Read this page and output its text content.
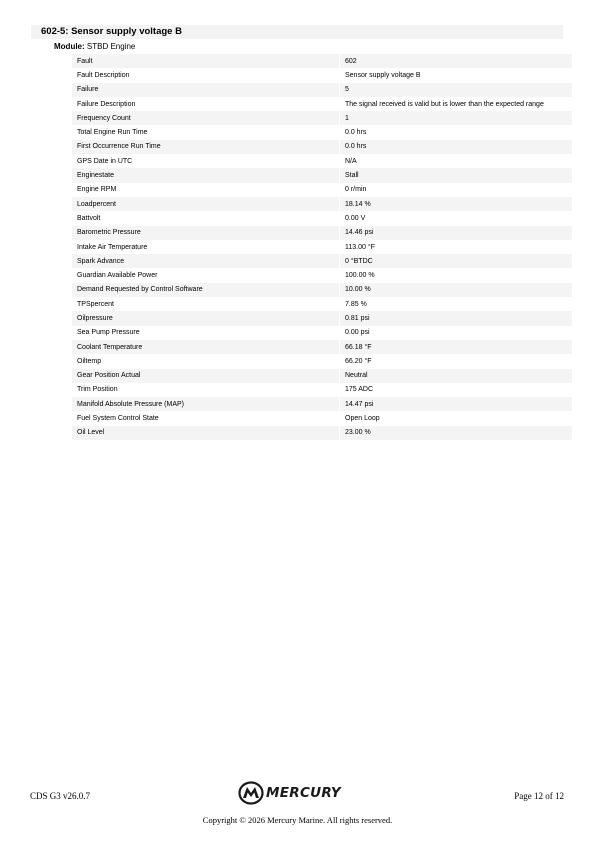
602-5: Sensor supply voltage B
Module: STBD Engine
Fault	602
Fault Description	Sensor supply voltage B
Failure	5
Failure Description	The signal received is valid but is lower than the expected range
Frequency Count	1
Total Engine Run Time	0.0 hrs
First Occurrence Run Time	0.0 hrs
GPS Date in UTC	N/A
Enginestate	Stall
Engine RPM	0 r/min
Loadpercent	18.14 %
Battvolt	0.00 V
Barometric Pressure	14.46 psi
Intake Air Temperature	113.00 °F
Spark Advance	0 °BTDC
Guardian Available Power	100.00 %
Demand Requested by Control Software	10.00 %
TPSpercent	7.85 %
Oilpressure	0.81 psi
Sea Pump Pressure	0.00 psi
Coolant Temperature	66.18 °F
Oiltemp	66.20 °F
Gear Position Actual	Neutral
Trim Position	175 ADC
Manifold Absolute Pressure (MAP)	14.47 psi
Fuel System Control State	Open Loop
Oil Level	23.00 %
CDS G3 v26.0.7	MERCURY	Page 12 of 12
Copyright © 2026 Mercury Marine. All rights reserved.
